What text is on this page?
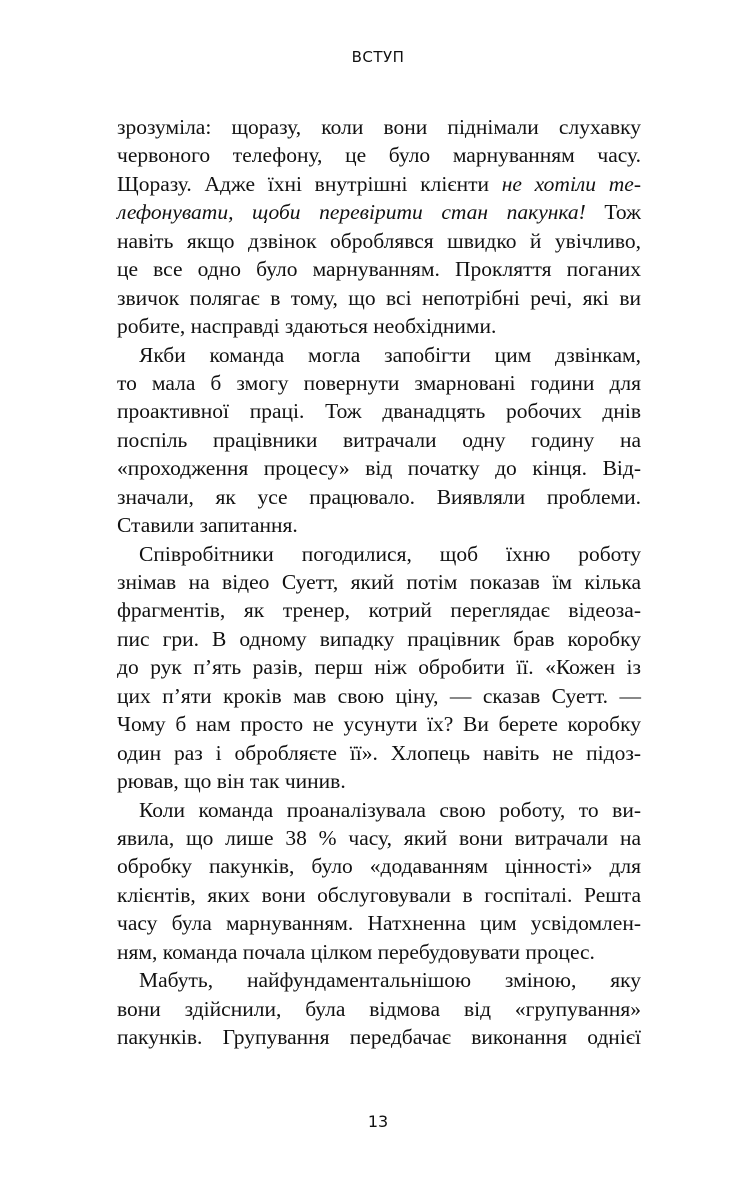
ВСТУП
зрозуміла: щоразу, коли вони піднімали слухавку
червоного телефону, це було марнуванням часу.
Щоразу. Адже їхні внутрішні клієнти не хотіли те-
лефонувати, щоби перевірити стан пакунка! Тож
навіть якщо дзвінок оброблявся швидко й увічливо,
це все одно було марнуванням. Прокляття поганих
звичок полягає в тому, що всі непотрібні речі, які ви
робите, насправді здаються необхідними.
Якби команда могла запобігти цим дзвінкам,
то мала б змогу повернути змарновані години для
проактивної праці. Тож дванадцять робочих днів
поспіль працівники витрачали одну годину на
«проходження процесу» від початку до кінця. Від-
значали, як усе працювало. Виявляли проблеми.
Ставили запитання.
Співробітники погодилися, щоб їхню роботу
знімав на відео Суетт, який потім показав їм кілька
фрагментів, як тренер, котрий переглядає відеоза-
пис гри. В одному випадку працівник брав коробку
до рук п’ять разів, перш ніж обробити її. «Кожен із
цих п’яти кроків мав свою ціну, — сказав Суетт. —
Чому б нам просто не усунути їх? Ви берете коробку
один раз і обробляєте її». Хлопець навіть не підоз-
рював, що він так чинив.
Коли команда проаналізувала свою роботу, то ви-
явила, що лише 38 % часу, який вони витрачали на
обробку пакунків, було «додаванням цінності» для
клієнтів, яких вони обслуговували в госпіталі. Решта
часу була марнуванням. Натхненна цим усвідомлен-
ням, команда почала цілком перебудовувати процес.
Мабуть, найфундаментальнішою зміною, яку
вони здійснили, була відмова від «групування»
пакунків. Групування передбачає виконання однієї
13
